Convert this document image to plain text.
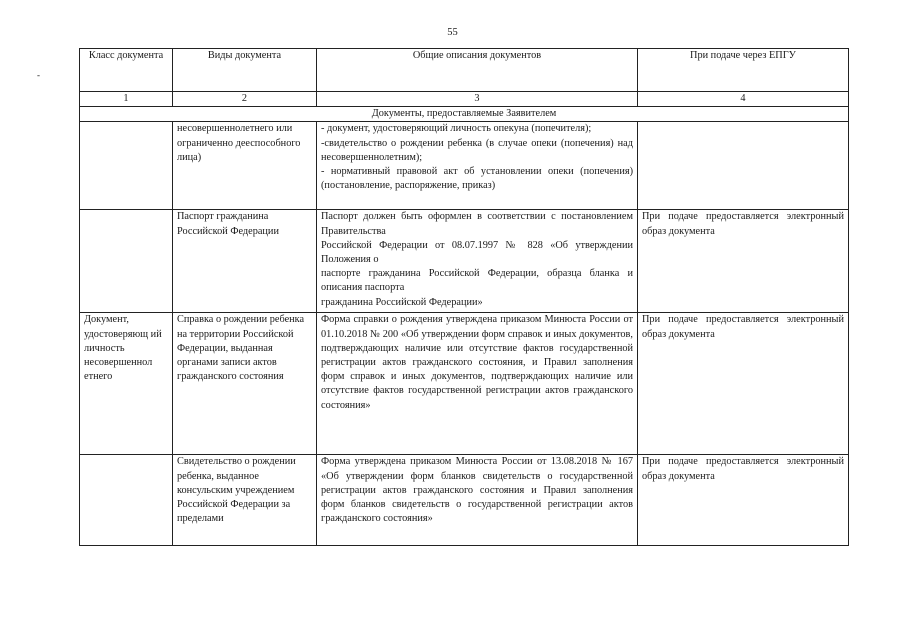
55
-
Класс документа	Виды документа	Общие описания документов	При подаче через ЕПГУ
1	2	3	4
Документы, предоставляемые Заявителем			
	несовершеннолетнего или ограниченно дееспособного лица)	- документ, удостоверяющий личность опекуна (попечителя);
-свидетельство о рождении ребенка (в случае опеки (попечения) над несовершеннолетним);
- нормативный правовой акт об установлении опеки (попечения) (постановление, распоряжение, приказ)	
	Паспорт гражданина Российской Федерации	Паспорт должен быть оформлен в соответствии с постановлением Правительства
Российской Федерации от 08.07.1997 № 828 «Об утверждении Положения о
паспорте гражданина Российской Федерации, образца бланка и описания паспорта
гражданина Российской Федерации»	При подаче предоставляется электронный образ документа
Документ, удостоверяющ ий личность несовершеннол етнего	Справка о рождении ребенка на территории Российской Федерации, выданная органами записи актов гражданского состояния	Форма справки о рождения утверждена приказом Минюста России от 01.10.2018 № 200 «Об утверждении форм справок и иных документов, подтверждающих наличие или отсутствие фактов государственной регистрации актов гражданского состояния, и Правил заполнения форм справок и иных документов, подтверждающих наличие или отсутствие фактов государственной регистрации актов гражданского состояния»	При подаче предоставляется электронный образ документа
	Свидетельство о рождении ребенка, выданное консульским учреждением Российской Федерации за пределами	Форма утверждена приказом Минюста России от 13.08.2018 № 167 «Об утверждении форм бланков свидетельств о государственной регистрации актов гражданского состояния и Правил заполнения форм бланков свидетельств о государственной регистрации актов гражданского состояния»	При подаче предоставляется электронный образ документа
